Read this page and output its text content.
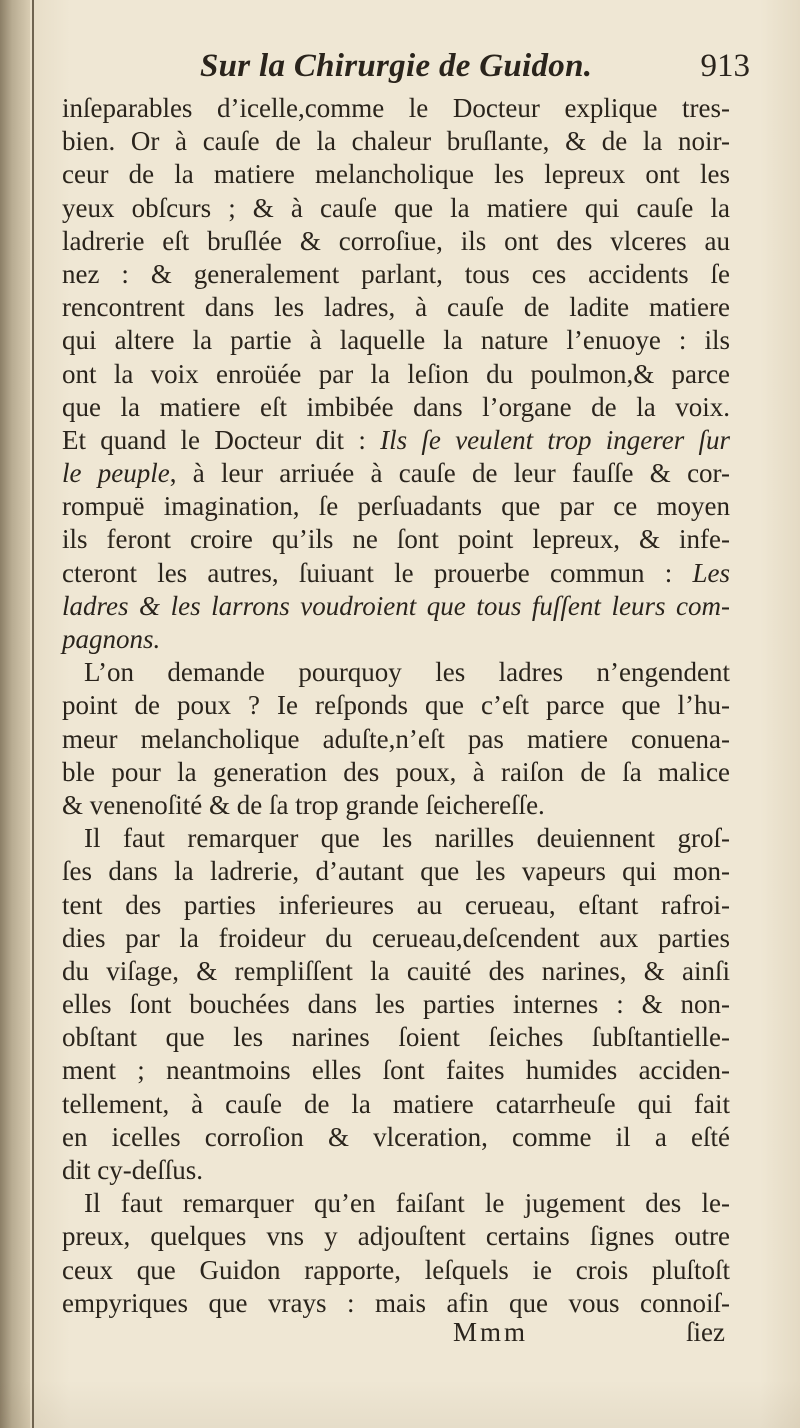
Sur la Chirurgie de Guidon.	913
inſeparables d’icelle,comme le Docteur explique tres-
bien. Or à cauſe de la chaleur bruſlante, & de la noir-
ceur de la matiere melancholique les lepreux ont les
yeux obſcurs ; & à cauſe que la matiere qui cauſe la
ladrerie eſt bruſlée & corroſiue, ils ont des vlceres au
nez : & generalement parlant, tous ces accidents ſe
rencontrent dans les ladres, à cauſe de ladite matiere
qui altere la partie à laquelle la nature l’enuoye : ils
ont la voix enroüée par la leſion du poulmon,& parce
que la matiere eſt imbibée dans l’organe de la voix.
Et quand le Docteur dit : Ils ſe veulent trop ingerer ſur
le peuple, à leur arriuée à cauſe de leur fauſſe & cor-
rompuë imagination, ſe perſuadants que par ce moyen
ils feront croire qu’ils ne ſont point lepreux, & infe-
cteront les autres, ſuiuant le prouerbe commun : Les
ladres & les larrons voudroient que tous fuſſent leurs com-
pagnons.
L’on demande pourquoy les ladres n’engendent
point de poux ? Ie reſponds que c’eſt parce que l’hu-
meur melancholique aduſte,n’eſt pas matiere conuena-
ble pour la generation des poux, à raiſon de ſa malice
& venenoſité & de ſa trop grande ſeichereſſe.
Il faut remarquer que les narilles deuiennent groſ-
ſes dans la ladrerie, d’autant que les vapeurs qui mon-
tent des parties inferieures au cerueau, eſtant rafroi-
dies par la froideur du cerueau,deſcendent aux parties
du viſage, & rempliſſent la cauité des narines, & ainſi
elles ſont bouchées dans les parties internes : & non-
obſtant que les narines ſoient ſeiches ſubſtantielle-
ment ; neantmoins elles ſont faites humides acciden-
tellement, à cauſe de la matiere catarrheuſe qui fait
en icelles corroſion & vlceration, comme il a eſté
dit cy-deſſus.
Il faut remarquer qu’en faiſant le jugement des le-
preux, quelques vns y adjouſtent certains ſignes outre
ceux que Guidon rapporte, leſquels ie crois pluſtoſt
empyriques que vrays : mais afin que vous connoiſ-
Mmm	ſiez
